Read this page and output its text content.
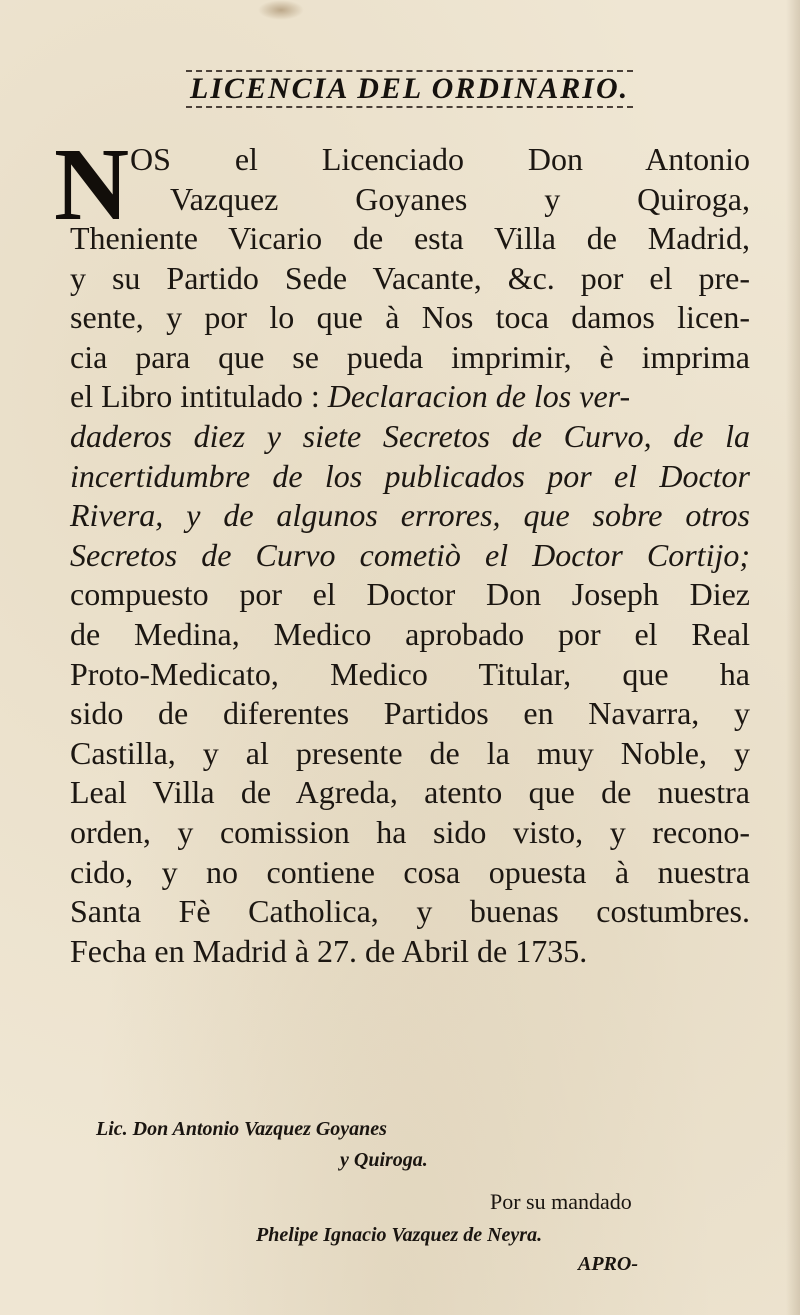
LICENCIA DEL ORDINARIO.
N OS el Licenciado Don Antonio
Vazquez Goyanes y Quiroga,
Theniente Vicario de esta Villa de Madrid,
y su Partido Sede Vacante, &c. por el pre-
sente, y por lo que à Nos toca damos licen-
cia para que se pueda imprimir, è imprima
el Libro intitulado : Declaracion de los ver-
daderos diez y siete Secretos de Curvo, de la
incertidumbre de los publicados por el Doctor
Rivera, y de algunos errores, que sobre otros
Secretos de Curvo cometiò el Doctor Cortijo;
compuesto por el Doctor Don Joseph Diez
de Medina, Medico aprobado por el Real
Proto-Medicato, Medico Titular, que ha
sido de diferentes Partidos en Navarra, y
Castilla, y al presente de la muy Noble, y
Leal Villa de Agreda, atento que de nuestra
orden, y comission ha sido visto, y recono-
cido, y no contiene cosa opuesta à nuestra
Santa Fè Catholica, y buenas costumbres.
Fecha en Madrid à 27. de Abril de 1735.
Lic. Don Antonio Vazquez Goyanes
y Quiroga.
Por su mandado
Phelipe Ignacio Vazquez de Neyra.
APRO-
